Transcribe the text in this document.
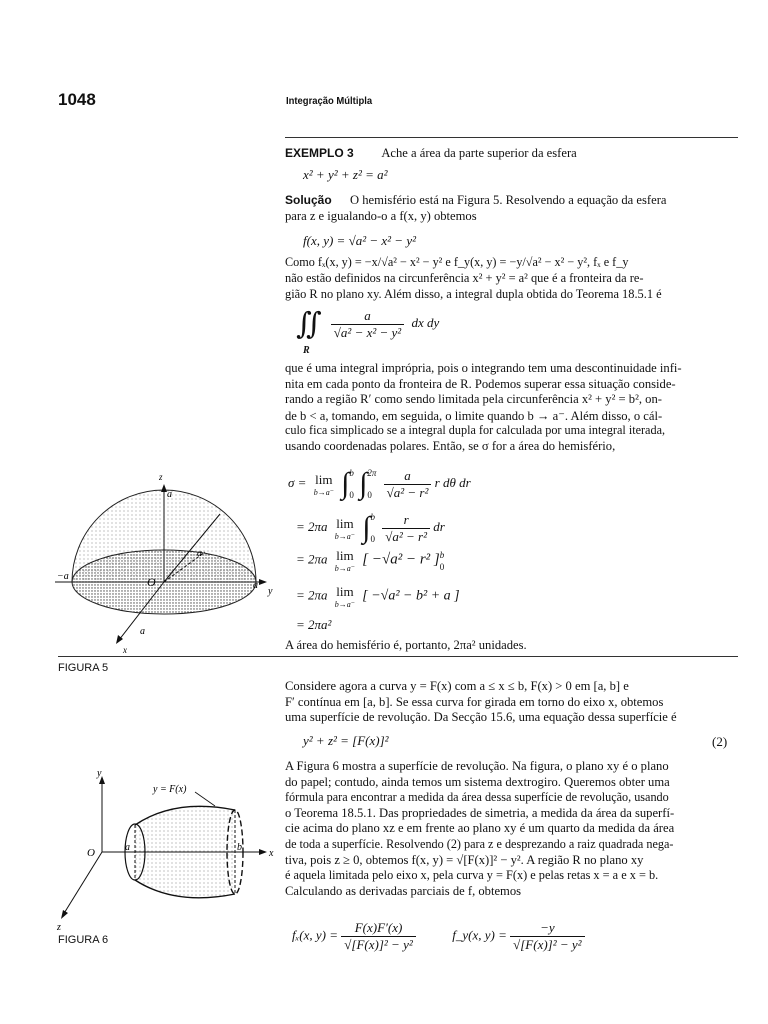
1048	Integração Múltipla
EXEMPLO 3 Ache a área da parte superior da esfera
x² + y² + z² = a²
Solução O hemisfério está na Figura 5. Resolvendo a equação da esfera
para z e igualando-o a f(x, y) obtemos
f(x, y) = √a² − x² − y²
Como fₓ(x, y) = −x/√a² − x² − y² e f_y(x, y) = −y/√a² − x² − y², fₓ e f_y
não estão definidos na circunferência x² + y² = a² que é a fronteira da re-
gião R no plano xy. Além disso, a integral dupla obtida do Teorema 18.5.1 é
∬ $\frac{a}{\text{√a² − x² − y²}}$ dx dy
R
que é uma integral imprópria, pois o integrando tem uma descontinuidade infi-
nita em cada ponto da fronteira de R. Podemos superar essa situação conside-
rando a região R′ como sendo limitada pela circunferência x² + y² = b², on-
de b < a, tomando, em seguida, o limite quando b → a⁻. Além disso, o cál-
culo fica simplicado se a integral dupla for calculada por uma integral iterada,
usando coordenadas polares. Então, se σ for a área do hemisfério,
σ = lim
b→a⁻ ∫ b
0 ∫ 2π
0
$\frac{a}{\text{√a² − r²}}$ r dθ dr
= 2πa lim
b→a⁻ ∫ b
0
$\frac{r}{\text{√a² − r²}}$ dr
= 2πa lim
b→a⁻
[ −√a² − r² ] b
0
= 2πa lim
b→a⁻
[ −√a² − b² + a ]
= 2πa²
A área do hemisfério é, portanto, 2πa² unidades.
z
a
−a	O	a
y
a
a
x
FIGURA 5
Considere agora a curva y = F(x) com a ≤ x ≤ b, F(x) > 0 em [a, b] e
F′ contínua em [a, b]. Se essa curva for girada em torno do eixo x, obtemos
uma superfície de revolução. Da Secção 15.6, uma equação dessa superfície é
y² + z² = [F(x)]²	(2)
A Figura 6 mostra a superfície de revolução. Na figura, o plano xy é o plano
do papel; contudo, ainda temos um sistema dextrogiro. Queremos obter uma
fórmula para encontrar a medida da área dessa superfície de revolução, usando
o Teorema 18.5.1. Das propriedades de simetria, a medida da área da superfí-
cie acima do plano xz e em frente ao plano xy é um quarto da medida da área
de toda a superfície. Resolvendo (2) para z e desprezando a raiz quadrada nega-
tiva, pois z ≥ 0, obtemos f(x, y) = √[F(x)]² − y². A região R no plano xy
é aquela limitada pelo eixo x, pela curva y = F(x) e pelas retas x = a e x = b.
Calculando as derivadas parciais de f, obtemos
fₓ(x, $y) = \frac{F(x)F'(x)}{\text{√[F(x)]² − y²}}$	f_y(x, $y) = \frac{-y}{\text{√[F(x)]² − y²}}$
y
y = F(x)
O	a	b
x
z
FIGURA 6
